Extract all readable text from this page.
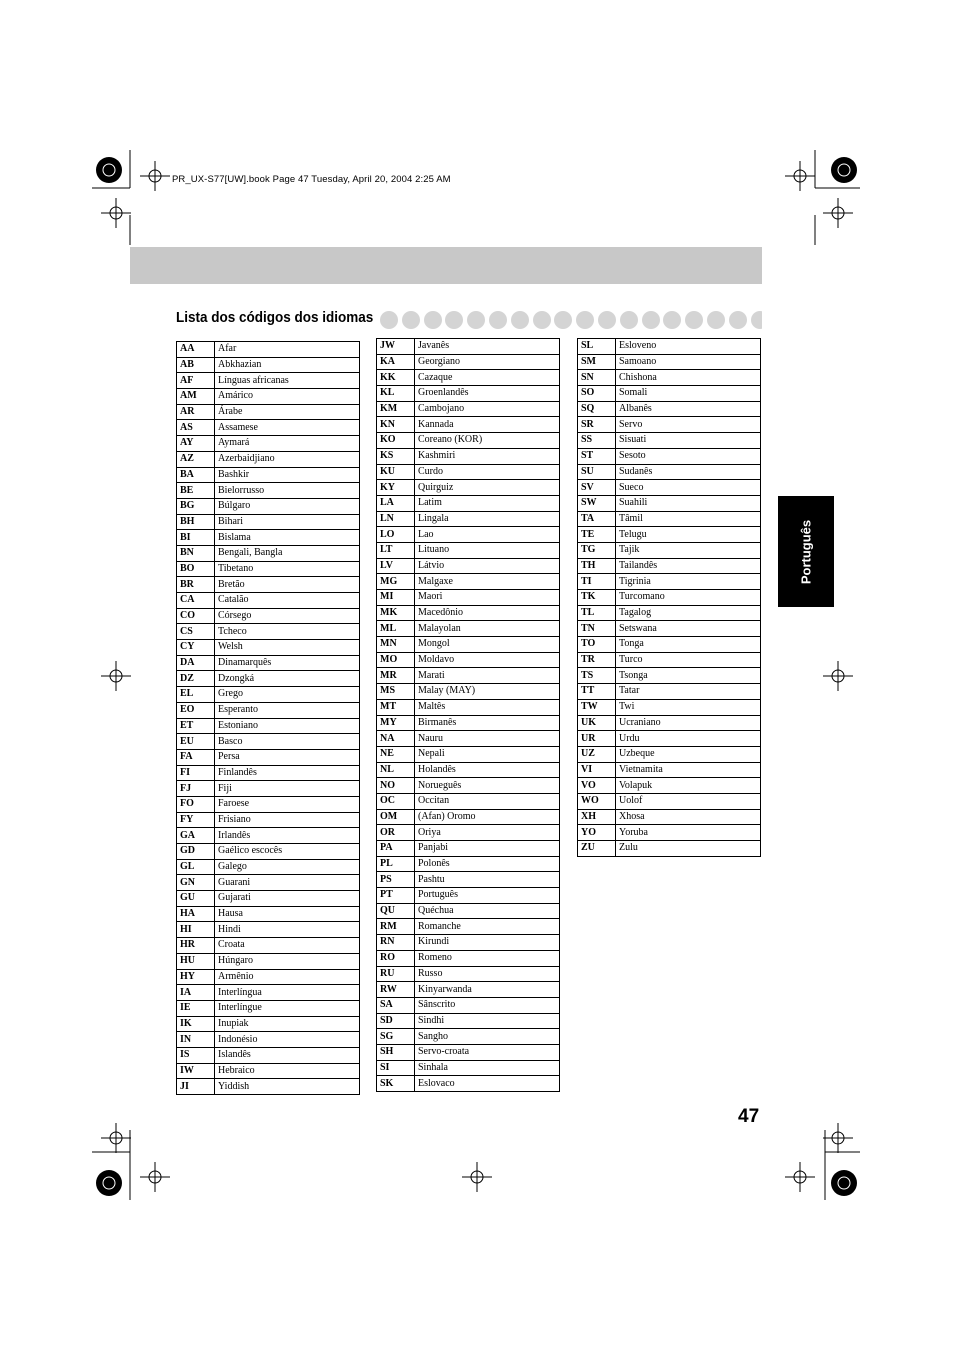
PR_UX-S77[UW].book Page 47 Tuesday, April 20, 2004 2:25 AM
Lista dos códigos dos idiomas
AA	Afar
AB	Abkhazian
AF	Línguas africanas
AM	Amárico
AR	Árabe
AS	Assamese
AY	Aymará
AZ	Azerbaidjiano
BA	Bashkir
BE	Bielorrusso
BG	Búlgaro
BH	Bihari
BI	Bislama
BN	Bengali, Bangla
BO	Tibetano
BR	Bretão
CA	Catalão
CO	Córsego
CS	Tcheco
CY	Welsh
DA	Dinamarquês
DZ	Dzongká
EL	Grego
EO	Esperanto
ET	Estoniano
EU	Basco
FA	Persa
FI	Finlandês
FJ	Fiji
FO	Faroese
FY	Frisiano
GA	Irlandês
GD	Gaélico escocês
GL	Galego
GN	Guarani
GU	Gujarati
HA	Hausa
HI	Hindi
HR	Croata
HU	Húngaro
HY	Armênio
IA	Interlíngua
IE	Interlíngue
IK	Inupiak
IN	Indonésio
IS	Islandês
IW	Hebraico
JI	Yiddish
JW	Javanês
KA	Georgiano
KK	Cazaque
KL	Groenlandês
KM	Cambojano
KN	Kannada
KO	Coreano (KOR)
KS	Kashmiri
KU	Curdo
KY	Quirguiz
LA	Latim
LN	Lingala
LO	Lao
LT	Lituano
LV	Látvio
MG	Malgaxe
MI	Maori
MK	Macedônio
ML	Malayolan
MN	Mongol
MO	Moldavo
MR	Marati
MS	Malay (MAY)
MT	Maltês
MY	Birmanês
NA	Nauru
NE	Nepali
NL	Holandês
NO	Norueguês
OC	Occitan
OM	(Afan) Oromo
OR	Oriya
PA	Panjabi
PL	Polonês
PS	Pashtu
PT	Português
QU	Quéchua
RM	Romanche
RN	Kirundi
RO	Romeno
RU	Russo
RW	Kinyarwanda
SA	Sânscrito
SD	Sindhi
SG	Sangho
SH	Servo-croata
SI	Sinhala
SK	Eslovaco
SL	Esloveno
SM	Samoano
SN	Chishona
SO	Somali
SQ	Albanês
SR	Servo
SS	Sisuati
ST	Sesoto
SU	Sudanês
SV	Sueco
SW	Suahili
TA	Tâmil
TE	Telugu
TG	Tajik
TH	Tailandês
TI	Tigrinia
TK	Turcomano
TL	Tagalog
TN	Setswana
TO	Tonga
TR	Turco
TS	Tsonga
TT	Tatar
TW	Twi
UK	Ucraniano
UR	Urdu
UZ	Uzbeque
VI	Vietnamita
VO	Volapuk
WO	Uolof
XH	Xhosa
YO	Yoruba
ZU	Zulu
Português
47
